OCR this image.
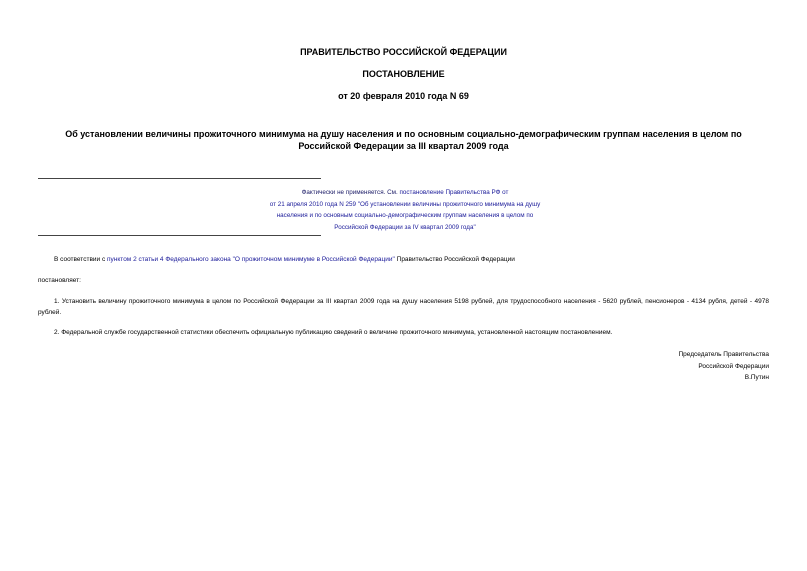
ПРАВИТЕЛЬСТВО РОССИЙСКОЙ ФЕДЕРАЦИИ
ПОСТАНОВЛЕНИЕ
от 20 февраля 2010 года N 69
Об установлении величины прожиточного минимума на душу населения и по основным социально-демографическим группам населения в целом по Российской Федерации за III квартал 2009 года
Фактически не применяется. См. постановление Правительства РФ от
от 21 апреля 2010 года N 259 "Об установлении величины прожиточного минимума на душу населения и по основным социально-демографическим группам населения в целом по Российской Федерации за IV квартал 2009 года"
В соответствии с пунктом 2 статьи 4 Федерального закона "О прожиточном минимуме в Российской Федерации" Правительство Российской Федерации
постановляет:
1. Установить величину прожиточного минимума в целом по Российской Федерации за III квартал 2009 года на душу населения 5198 рублей, для трудоспособного населения - 5620 рублей, пенсионеров - 4134 рубля, детей - 4978 рублей.
2. Федеральной службе государственной статистики обеспечить официальную публикацию сведений о величине прожиточного минимума, установленной настоящим постановлением.
Председатель Правительства
Российской Федерации
В.Путин
